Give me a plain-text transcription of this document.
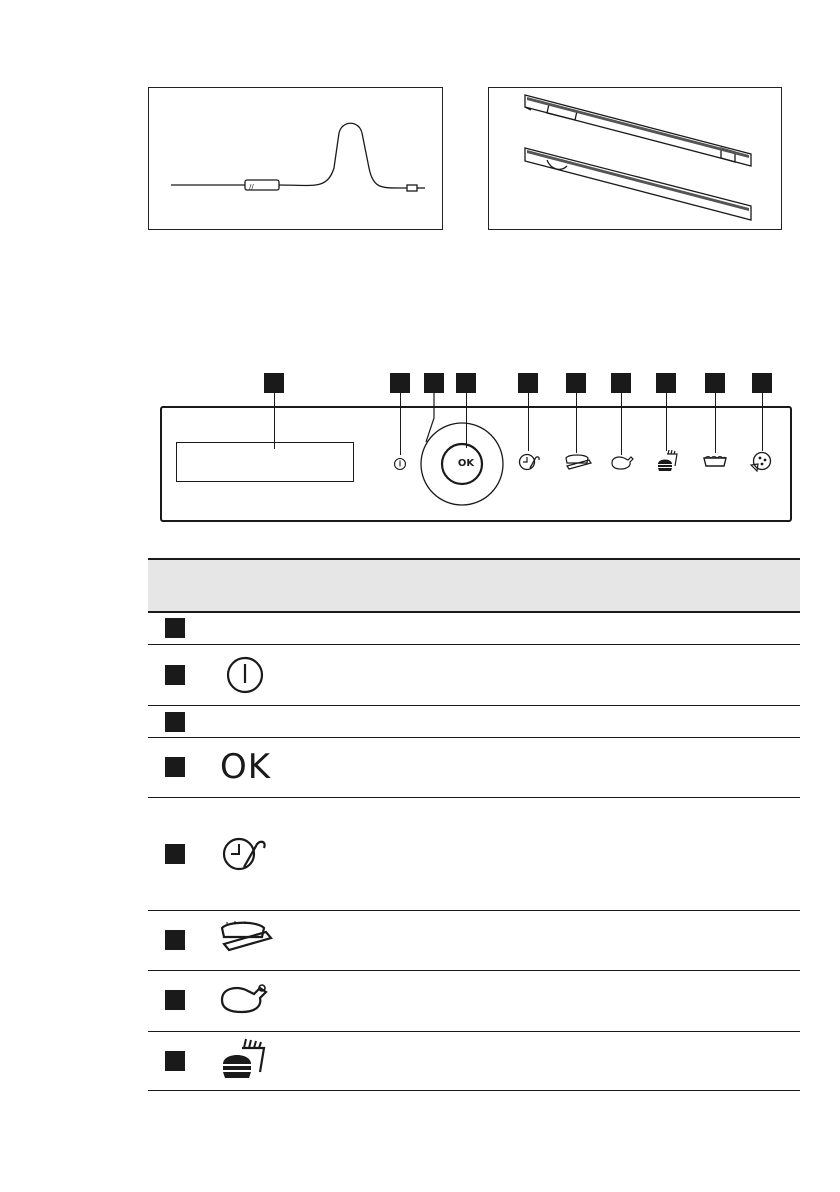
//
OK
OK
